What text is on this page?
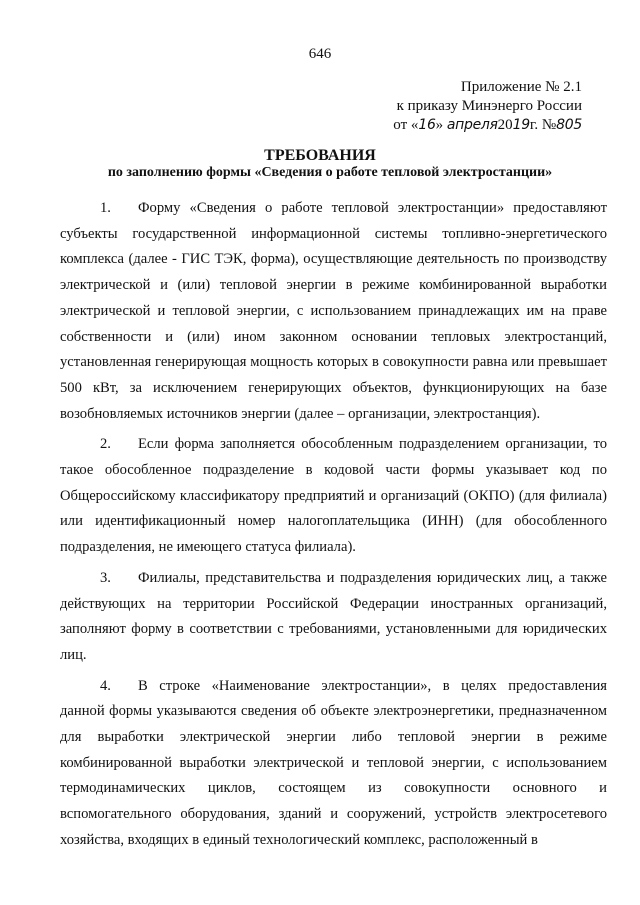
646
Приложение № 2.1
к приказу Минэнерго России
от «16» апреля2019г. №805
ТРЕБОВАНИЯ
по заполнению формы «Сведения о работе тепловой электростанции»

1. Форму «Сведения о работе тепловой электростанции» предоставляют субъекты государственной информационной системы топливно-энергетического комплекса (далее - ГИС ТЭК, форма), осуществляющие деятельность по производству электрической и (или) тепловой энергии в режиме комбинированной выработки электрической и тепловой энергии, с использованием принадлежащих им на праве собственности и (или) ином законном основании тепловых электростанций, установленная генерирующая мощность которых в совокупности равна или превышает 500 кВт, за исключением генерирующих объектов, функционирующих на базе возобновляемых источников энергии (далее – организации, электростанция).

2. Если форма заполняется обособленным подразделением организации, то такое обособленное подразделение в кодовой части формы указывает код по Общероссийскому классификатору предприятий и организаций (ОКПО) (для филиала) или идентификационный номер налогоплательщика (ИНН) (для обособленного подразделения, не имеющего статуса филиала).

3. Филиалы, представительства и подразделения юридических лиц, а также действующих на территории Российской Федерации иностранных организаций, заполняют форму в соответствии с требованиями, установленными для юридических лиц.

4. В строке «Наименование электростанции», в целях предоставления данной формы указываются сведения об объекте электроэнергетики, предназначенном для выработки электрической энергии либо тепловой энергии в режиме комбинированной выработки электрической и тепловой энергии, с использованием термодинамических циклов, состоящем из совокупности основного и вспомогательного оборудования, зданий и сооружений, устройств электросетевого хозяйства, входящих в единый технологический комплекс, расположенный в
